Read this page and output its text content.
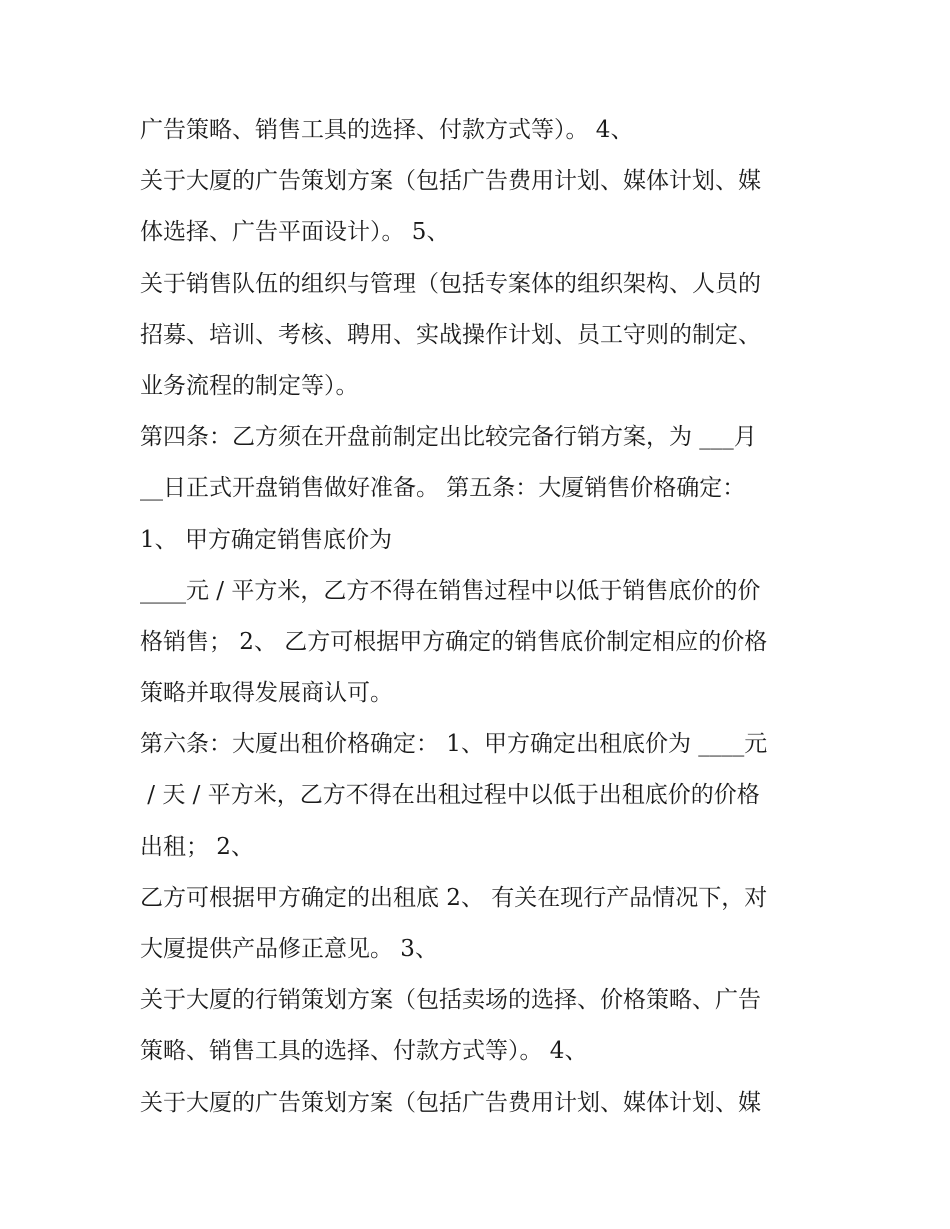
广告策略、销售工具的选择、付款方式等）。 4、
关于大厦的广告策划方案（包括广告费用计划、媒体计划、媒
体选择、广告平面设计）。 5、
关于销售队伍的组织与管理（包括专案体的组织架构、人员的
招募、培训、考核、聘用、实战操作计划、员工守则的制定、
业务流程的制定等）。
第四条：乙方须在开盘前制定出比较完备行销方案，为 ___月
__日正式开盘销售做好准备。 第五条：大厦销售价格确定：
1、 甲方确定销售底价为
____元 / 平方米，乙方不得在销售过程中以低于销售底价的价
格销售； 2、 乙方可根据甲方确定的销售底价制定相应的价格
策略并取得发展商认可。
第六条：大厦出租价格确定： 1、甲方确定出租底价为 ____元
/ 天 / 平方米，乙方不得在出租过程中以低于出租底价的价格
出租； 2、
乙方可根据甲方确定的出租底 2、 有关在现行产品情况下，对
大厦提供产品修正意见。 3、
关于大厦的行销策划方案（包括卖场的选择、价格策略、广告
策略、销售工具的选择、付款方式等）。 4、
关于大厦的广告策划方案（包括广告费用计划、媒体计划、媒
